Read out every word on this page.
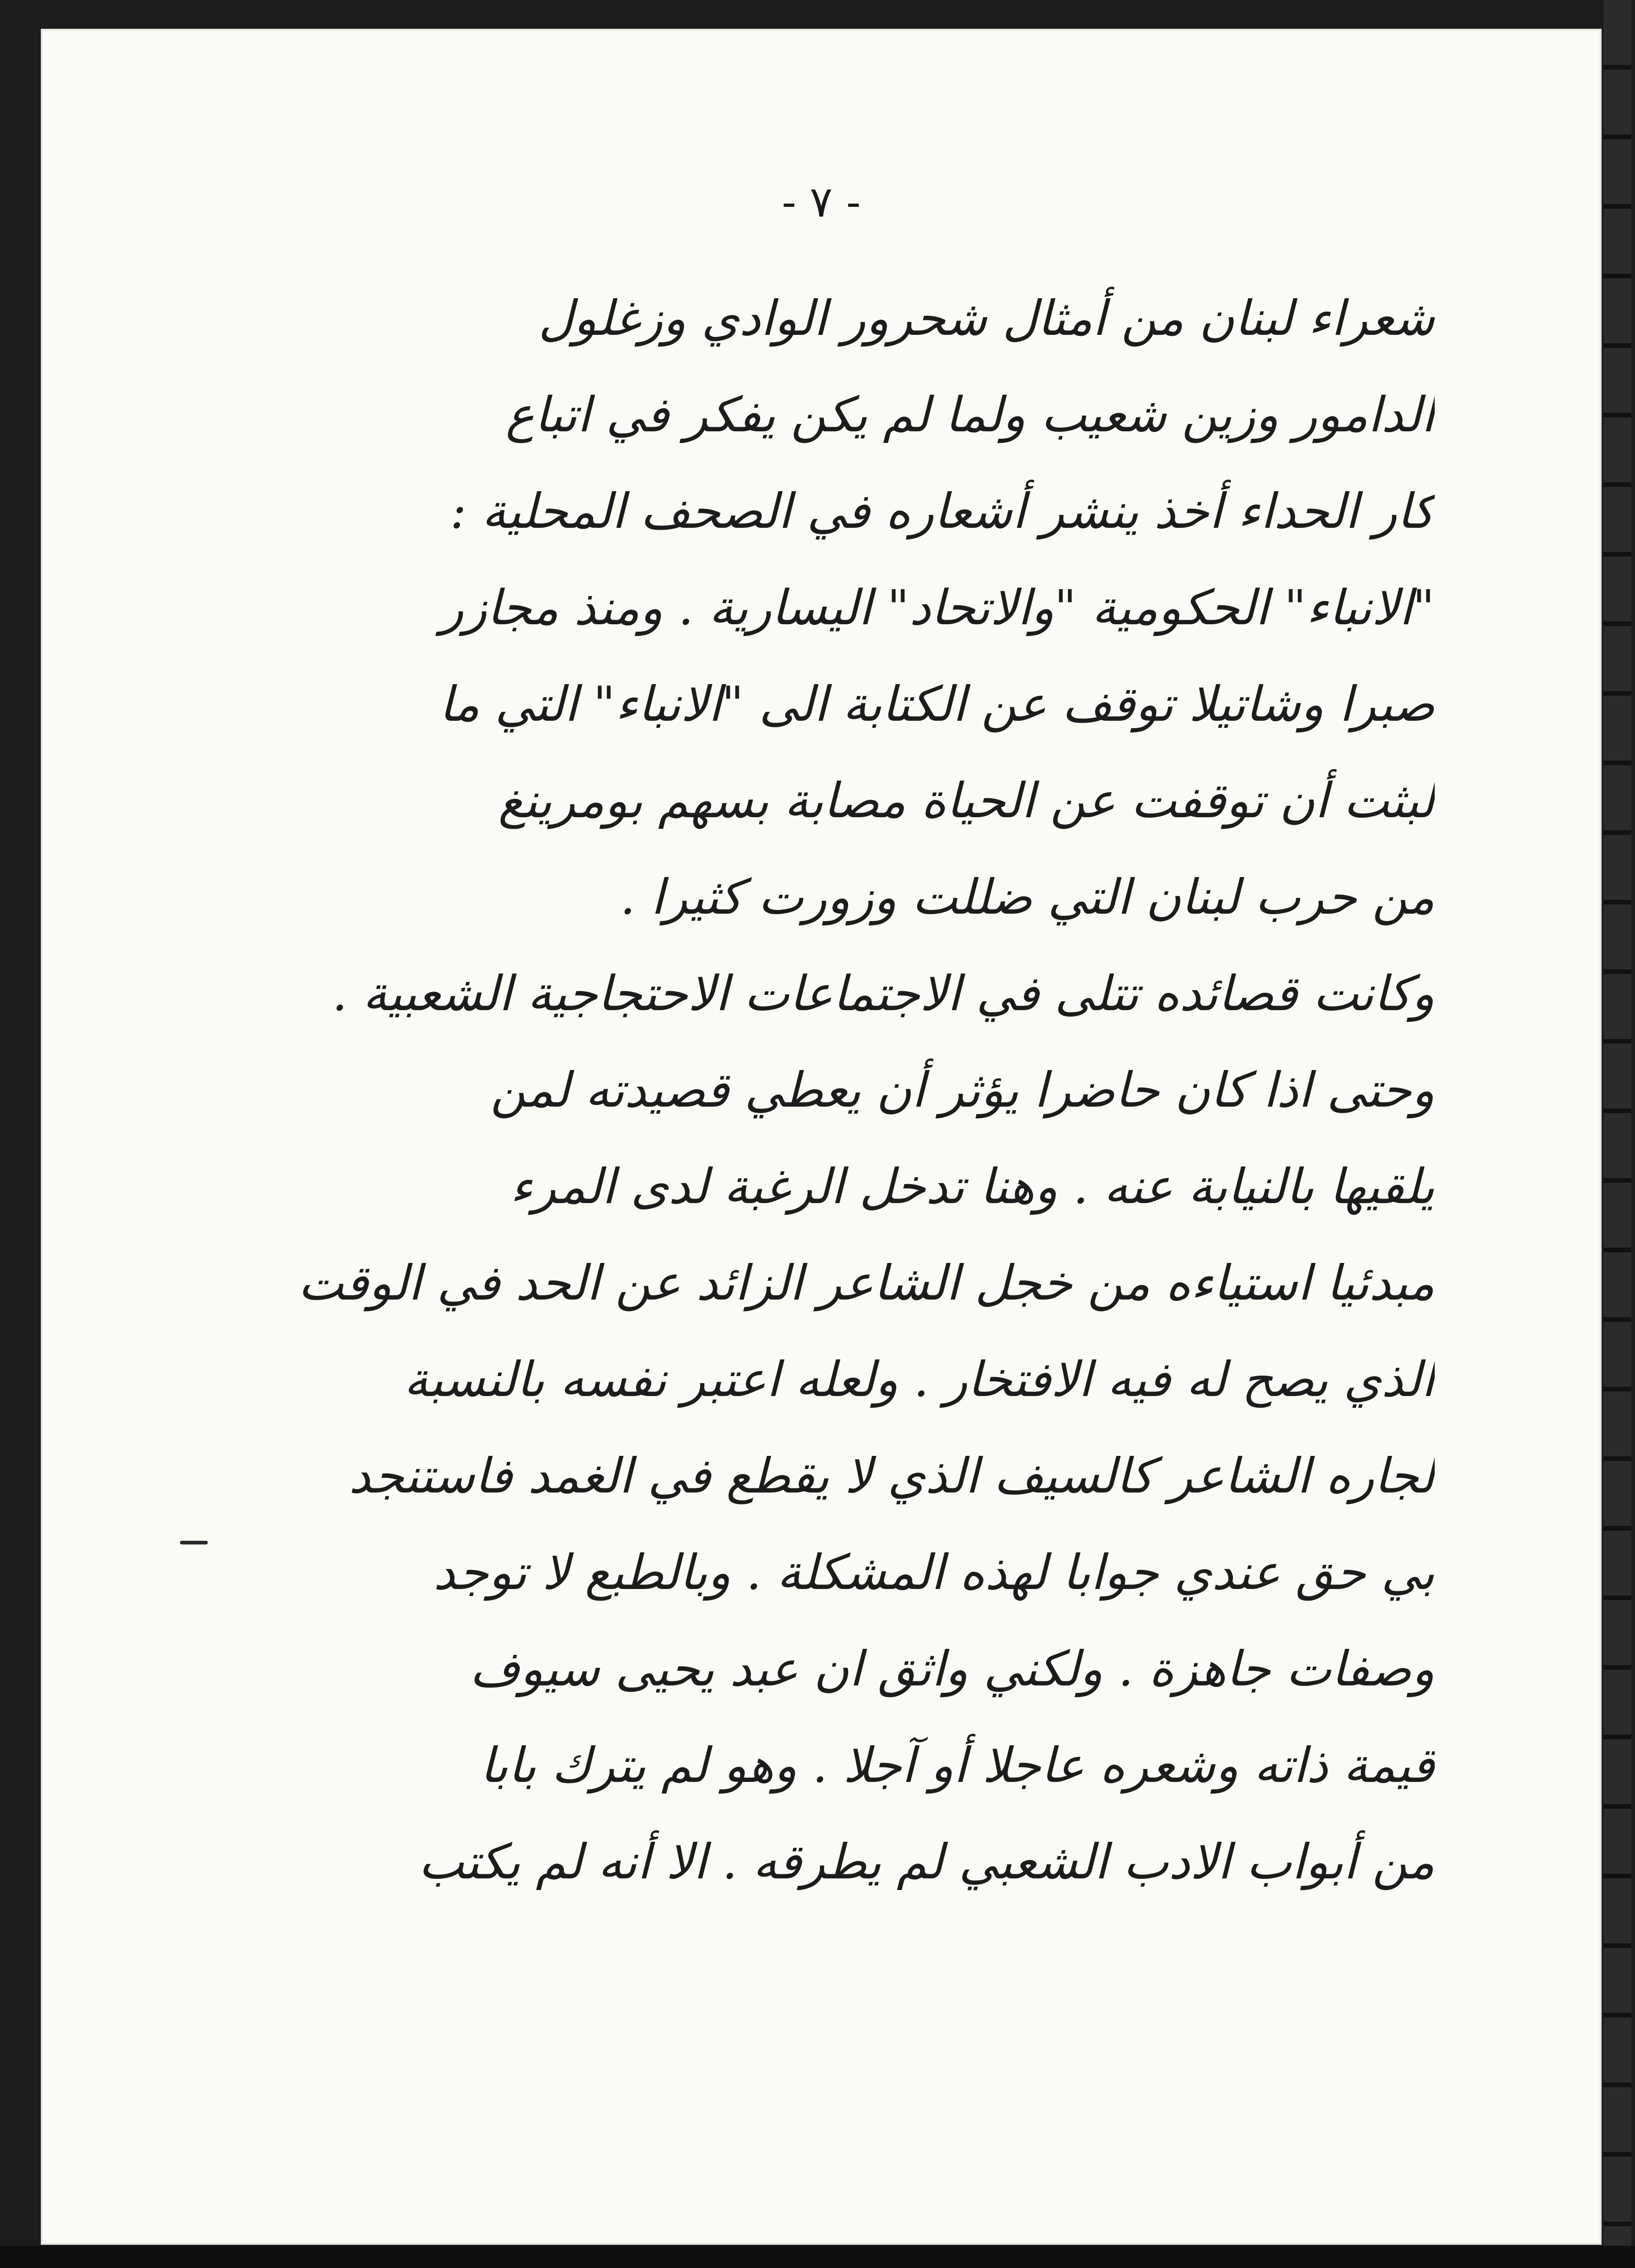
- ٧ -
شعراء لبنان من أمثال شحرور الوادي وزغلول
الدامور وزين شعيب ولما لم يكن يفكر في اتباع
كار الحداء أخذ ينشر أشعاره في الصحف المحلية :
"الانباء" الحكومية "والاتحاد" اليسارية . ومنذ مجازر
صبرا وشاتيلا توقف عن الكتابة الى "الانباء" التي ما
لبثت أن توقفت عن الحياة مصابة بسهم بومرينغ
من حرب لبنان التي ضللت وزورت كثيرا .
وكانت قصائده تتلى في الاجتماعات الاحتجاجية الشعبية .
وحتى اذا كان حاضرا يؤثر أن يعطي قصيدته لمن
يلقيها بالنيابة عنه . وهنا تدخل الرغبة لدى المرء
مبدئيا استياءه من خجل الشاعر الزائد عن الحد في الوقت
الذي يصح له فيه الافتخار . ولعله اعتبر نفسه بالنسبة
لجاره الشاعر كالسيف الذي لا يقطع في الغمد فاستنجد
بي حق عندي جوابا لهذه المشكلة . وبالطبع لا توجد
وصفات جاهزة . ولكني واثق ان عبد يحيى سيوف
قيمة ذاته وشعره عاجلا أو آجلا . وهو لم يترك بابا
من أبواب الادب الشعبي لم يطرقه . الا أنه لم يكتب
